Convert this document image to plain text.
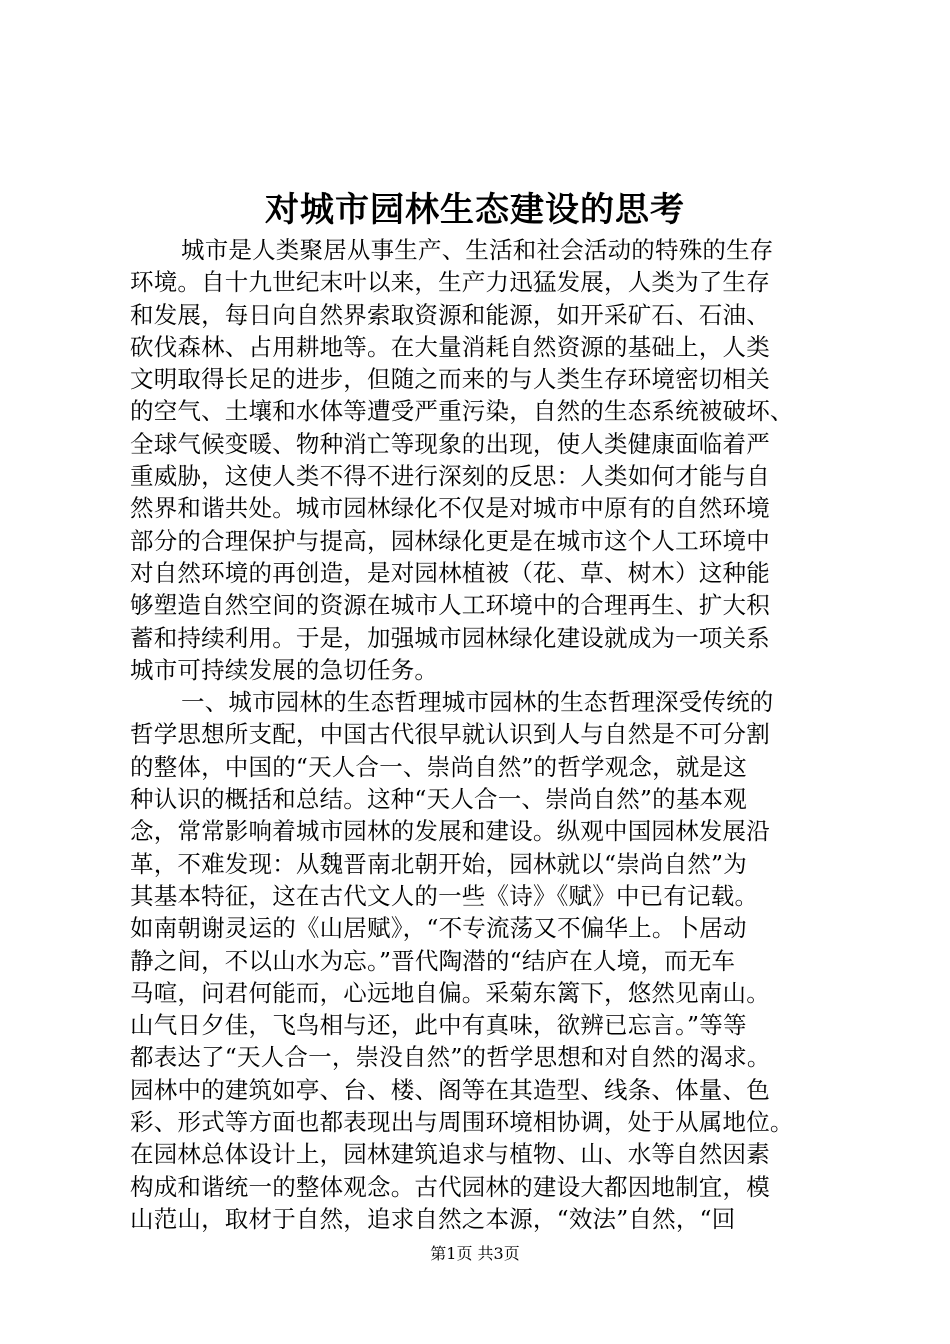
对城市园林生态建设的思考
城市是人类聚居从事生产、生活和社会活动的特殊的生存
环境。自十九世纪末叶以来，生产力迅猛发展，人类为了生存
和发展，每日向自然界索取资源和能源，如开采矿石、石油、
砍伐森林、占用耕地等。在大量消耗自然资源的基础上，人类
文明取得长足的进步，但随之而来的与人类生存环境密切相关
的空气、土壤和水体等遭受严重污染，自然的生态系统被破坏、
全球气候变暖、物种消亡等现象的出现，使人类健康面临着严
重威胁，这使人类不得不进行深刻的反思：人类如何才能与自
然界和谐共处。城市园林绿化不仅是对城市中原有的自然环境
部分的合理保护与提高，园林绿化更是在城市这个人工环境中
对自然环境的再创造，是对园林植被（花、草、树木）这种能
够塑造自然空间的资源在城市人工环境中的合理再生、扩大积
蓄和持续利用。于是，加强城市园林绿化建设就成为一项关系
城市可持续发展的急切任务。
一、城市园林的生态哲理城市园林的生态哲理深受传统的
哲学思想所支配，中国古代很早就认识到人与自然是不可分割
的整体，中国的“天人合一、崇尚自然”的哲学观念，就是这
种认识的概括和总结。这种“天人合一、崇尚自然”的基本观
念，常常影响着城市园林的发展和建设。纵观中国园林发展沿
革，不难发现：从魏晋南北朝开始，园林就以“崇尚自然”为
其基本特征，这在古代文人的一些《诗》《赋》中已有记载。
如南朝谢灵运的《山居赋》，“不专流荡又不偏华上。卜居动
静之间，不以山水为忘。”晋代陶潜的“结庐在人境，而无车
马喧，问君何能而，心远地自偏。采菊东篱下，悠然见南山。
山气日夕佳，飞鸟相与还，此中有真味，欲辨已忘言。”等等
都表达了“天人合一，崇没自然”的哲学思想和对自然的渴求。
园林中的建筑如亭、台、楼、阁等在其造型、线条、体量、色
彩、形式等方面也都表现出与周围环境相协调，处于从属地位。
在园林总体设计上，园林建筑追求与植物、山、水等自然因素
构成和谐统一的整体观念。古代园林的建设大都因地制宜，模
山范山，取材于自然，追求自然之本源，“效法”自然，“回
第1页 共3页
